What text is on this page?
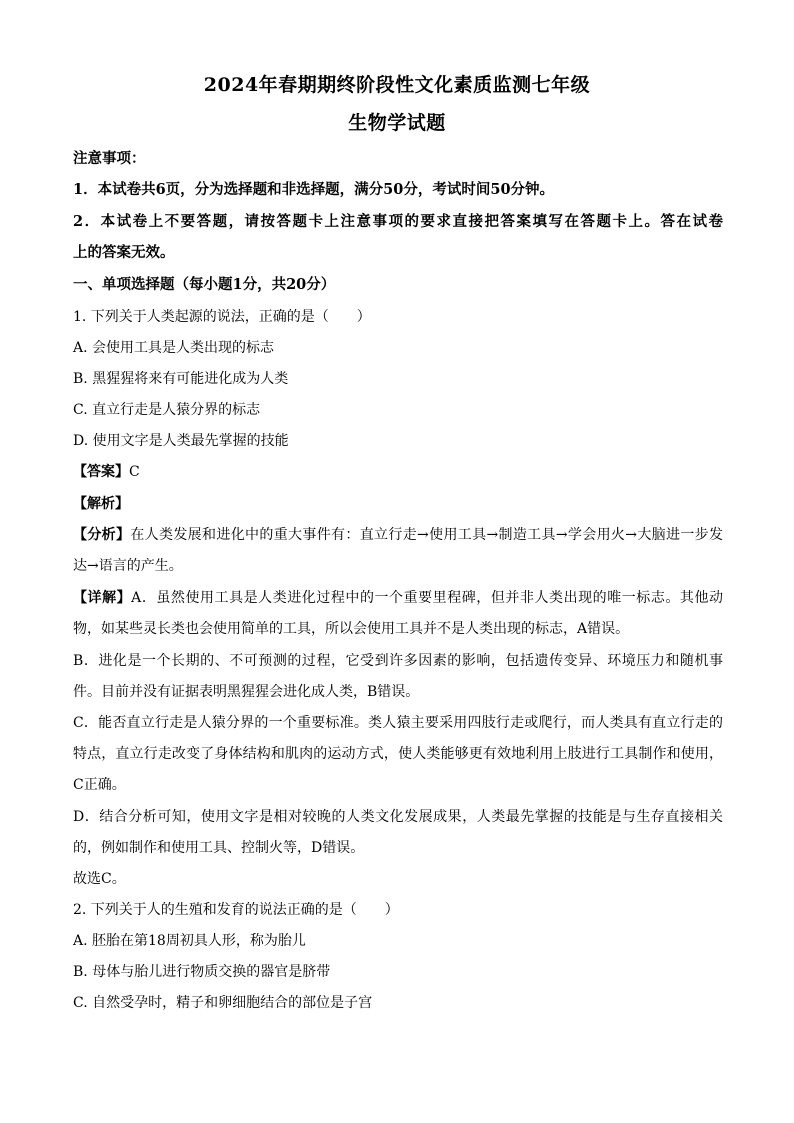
2024年春期期终阶段性文化素质监测七年级
生物学试题
注意事项：
1．本试卷共6页，分为选择题和非选择题，满分50分，考试时间50分钟。
2．本试卷上不要答题，请按答题卡上注意事项的要求直接把答案填写在答题卡上。答在试卷
上的答案无效。
一、单项选择题（每小题1分，共20分）
1. 下列关于人类起源的说法，正确的是（　　）
A. 会使用工具是人类出现的标志
B. 黑猩猩将来有可能进化成为人类
C. 直立行走是人猿分界的标志
D. 使用文字是人类最先掌握的技能
【答案】C
【解析】
【分析】在人类发展和进化中的重大事件有：直立行走→使用工具→制造工具→学会用火→大脑进一步发
达→语言的产生。
【详解】A．虽然使用工具是人类进化过程中的一个重要里程碑，但并非人类出现的唯一标志。其他动
物，如某些灵长类也会使用简单的工具，所以会使用工具并不是人类出现的标志，A错误。
B．进化是一个长期的、不可预测的过程，它受到许多因素的影响，包括遗传变异、环境压力和随机事
件。目前并没有证据表明黑猩猩会进化成人类，B错误。
C．能否直立行走是人猿分界的一个重要标准。类人猿主要采用四肢行走或爬行，而人类具有直立行走的
特点，直立行走改变了身体结构和肌肉的运动方式，使人类能够更有效地利用上肢进行工具制作和使用，
C正确。
D．结合分析可知，使用文字是相对较晚的人类文化发展成果，人类最先掌握的技能是与生存直接相关
的，例如制作和使用工具、控制火等，D错误。
故选C。
2. 下列关于人的生殖和发育的说法正确的是（　　）
A. 胚胎在第18周初具人形，称为胎儿
B. 母体与胎儿进行物质交换的器官是脐带
C. 自然受孕时，精子和卵细胞结合的部位是子宫
